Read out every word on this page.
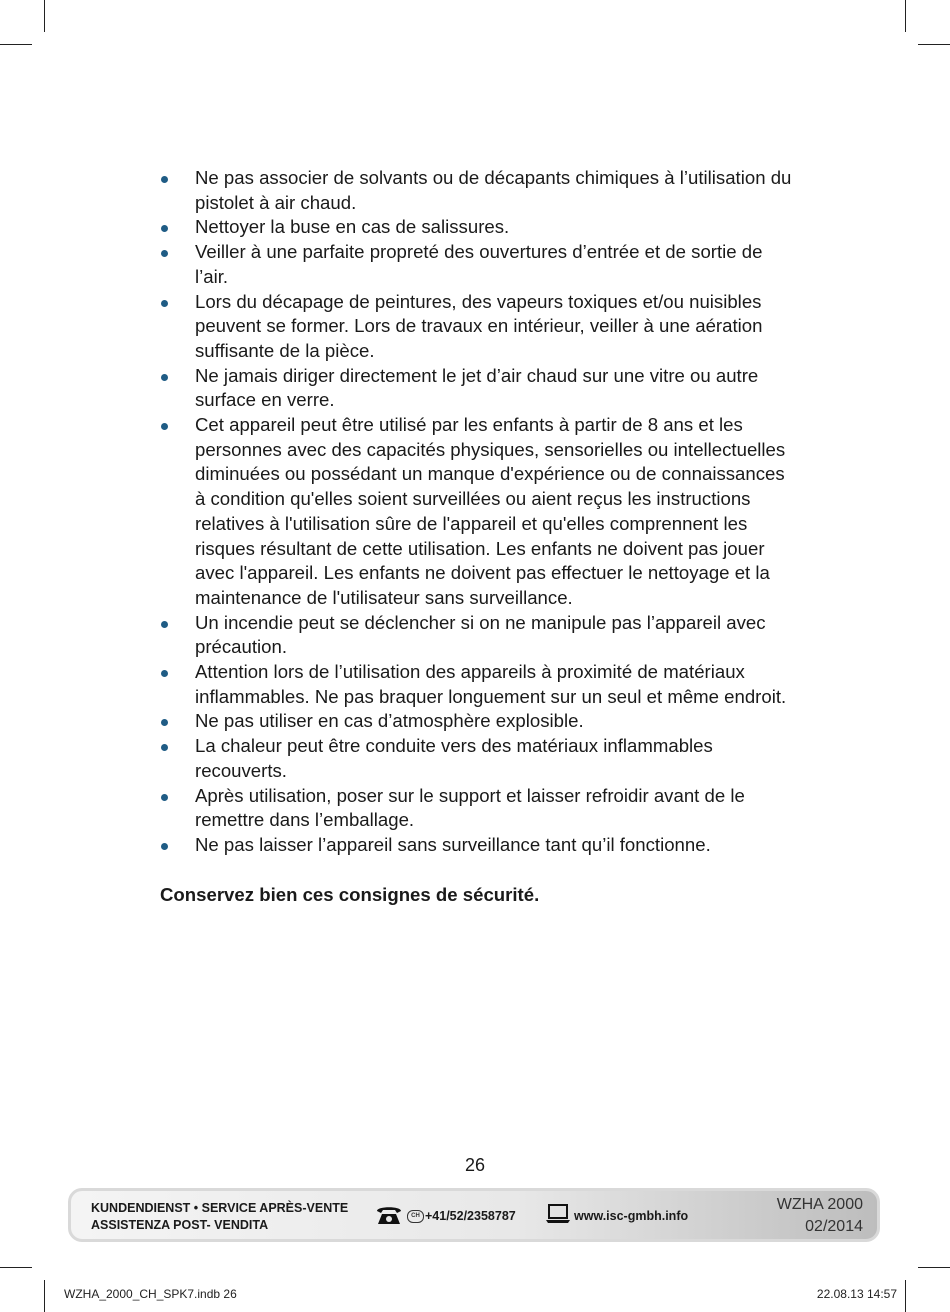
Ne pas associer de solvants ou de décapants chimiques à l’utilisation du pistolet à air chaud.
Nettoyer la buse en cas de salissures.
Veiller à une parfaite propreté des ouvertures d’entrée et de sortie de l’air.
Lors du décapage de peintures, des vapeurs toxiques et/ou nuisibles peuvent se former. Lors de travaux en intérieur, veiller à une aération suffisante de la pièce.
Ne jamais diriger directement le jet d’air chaud sur une vitre ou autre surface en verre.
Cet appareil peut être utilisé par les enfants à partir de 8 ans et les personnes avec des capacités physiques, sensorielles ou intellectuelles diminuées ou possédant un manque d'expérience ou de connaissances à condition qu'elles soient surveillées ou aient reçus les instructions relatives à l'utilisation sûre de l'appareil et qu'elles comprennent les risques résultant de cette utilisation. Les enfants ne doivent pas jouer avec l'appareil. Les enfants ne doivent pas effectuer le nettoyage et la maintenance de l'utilisateur sans surveillance.
Un incendie peut se déclencher si on ne manipule pas l’appareil avec précaution.
Attention lors de l’utilisation des appareils à proximité de matériaux inflammables. Ne pas braquer longuement sur un seul et même endroit.
Ne pas utiliser en cas d’atmosphère explosible.
La chaleur peut être conduite vers des matériaux inflammables recouverts.
Après utilisation, poser sur le support et laisser refroidir avant de le remettre dans l’emballage.
Ne pas laisser l’appareil sans surveillance tant qu’il fonctionne.
Conservez bien ces consignes de sécurité.
26
KUNDENDIENST • SERVICE APRÈS-VENTE
ASSISTENZA POST- VENDITA
CH +41/52/2358787	www.isc-gmbh.info
WZHA 2000
02/2014
WZHA_2000_CH_SPK7.indb 26	22.08.13 14:57
